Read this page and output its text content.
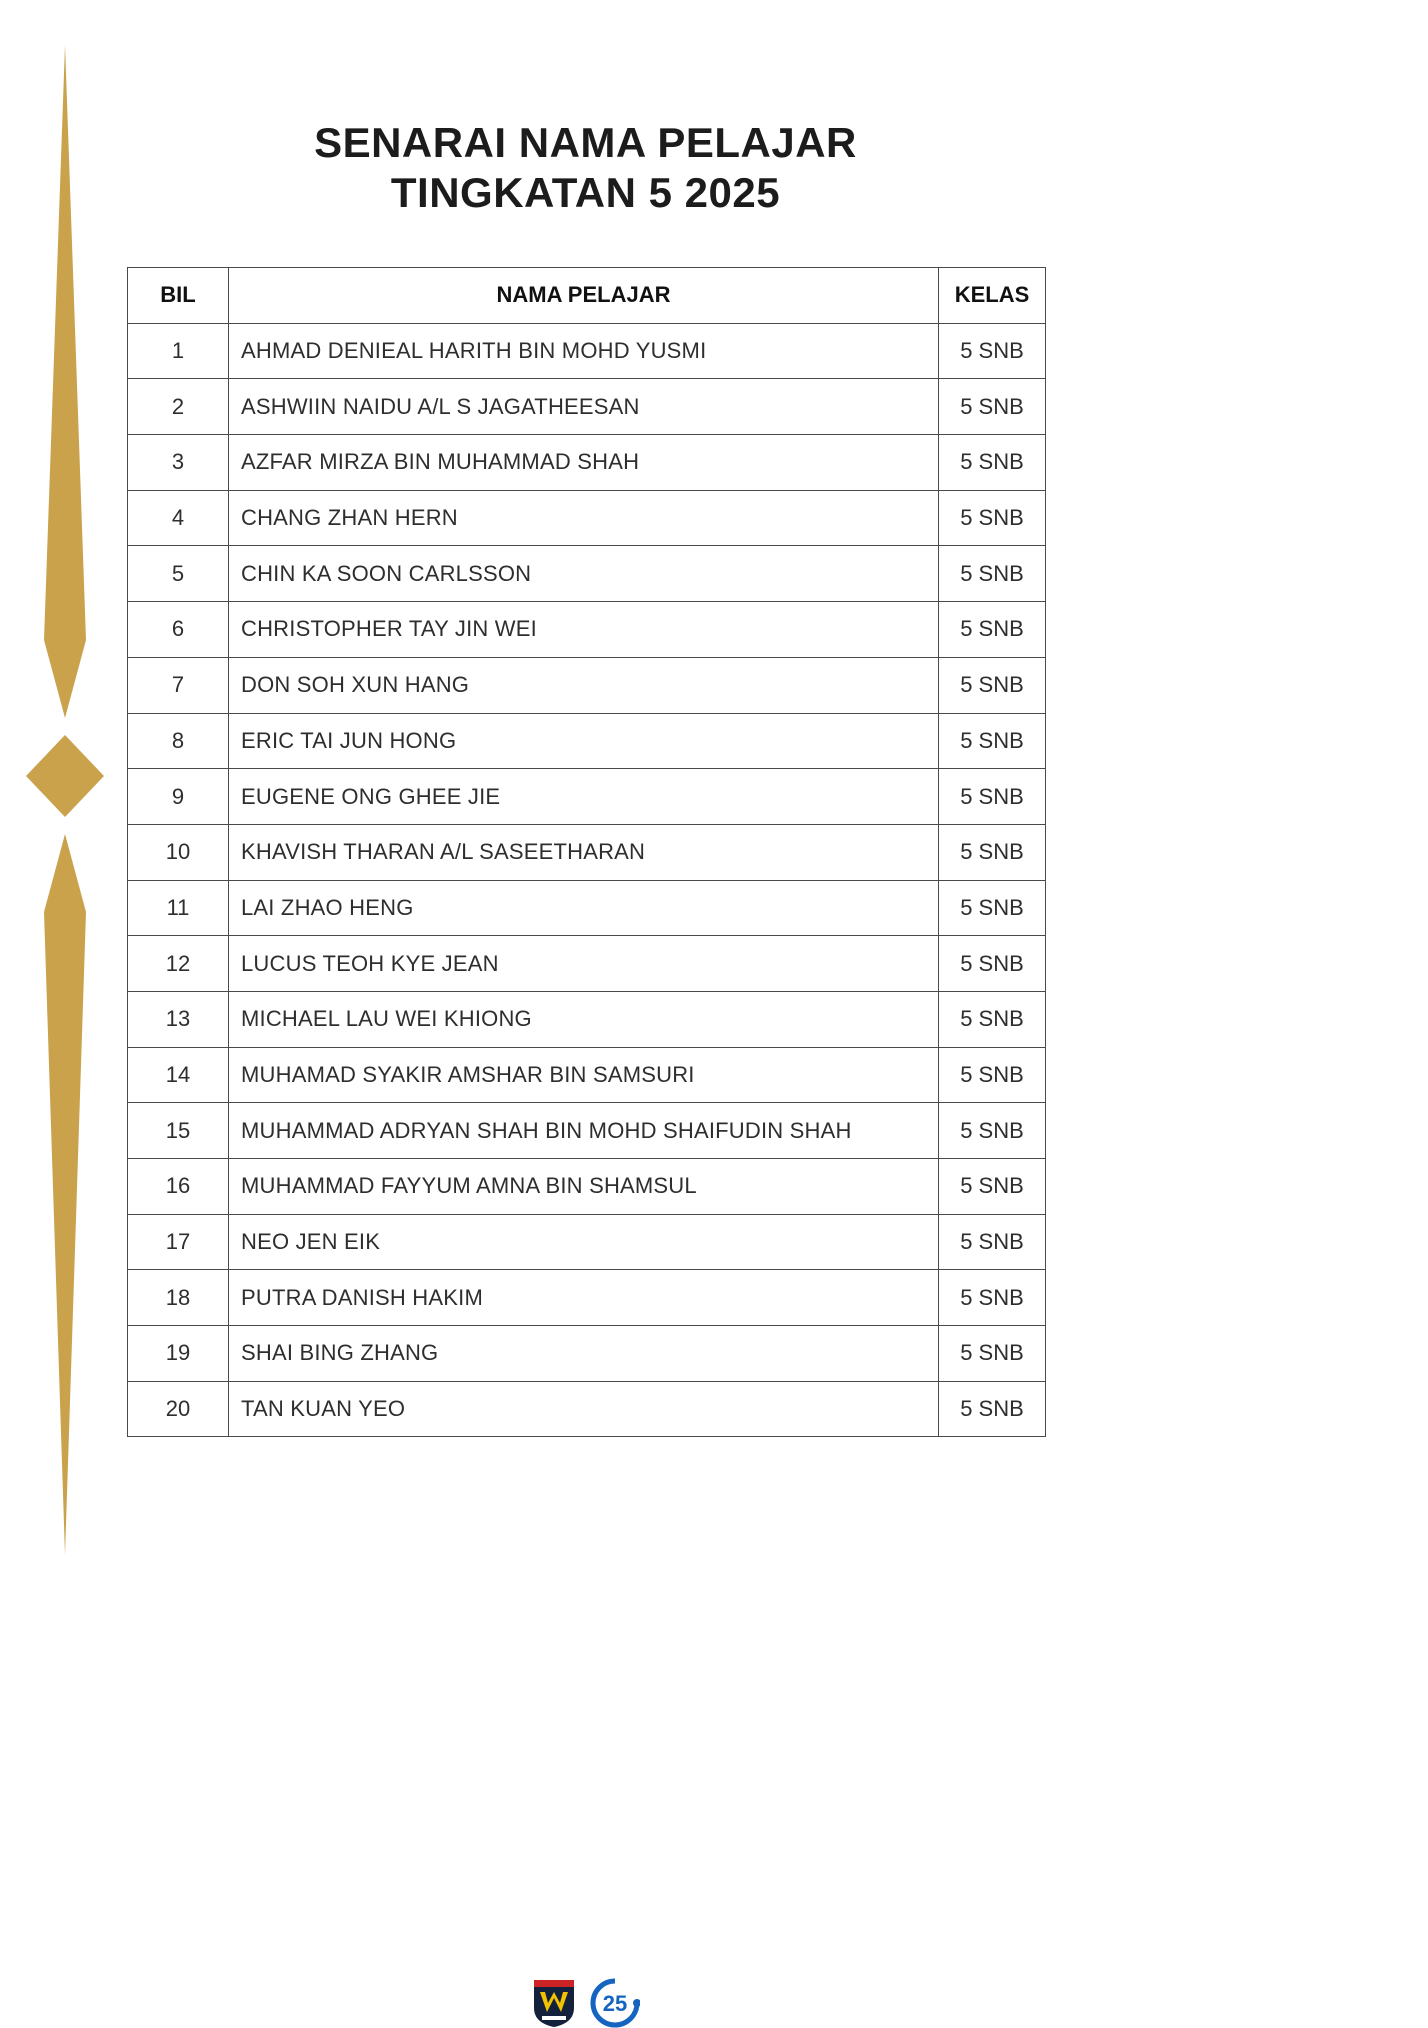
SENARAI NAMA PELAJAR
TINGKATAN 5 2025
BIL	NAMA PELAJAR	KELAS
1	AHMAD DENIEAL HARITH BIN MOHD YUSMI	5 SNB
2	ASHWIIN NAIDU A/L S JAGATHEESAN	5 SNB
3	AZFAR MIRZA BIN MUHAMMAD SHAH	5 SNB
4	CHANG ZHAN HERN	5 SNB
5	CHIN KA SOON CARLSSON	5 SNB
6	CHRISTOPHER TAY JIN WEI	5 SNB
7	DON SOH XUN HANG	5 SNB
8	ERIC TAI JUN HONG	5 SNB
9	EUGENE ONG GHEE JIE	5 SNB
10	KHAVISH THARAN A/L SASEETHARAN	5 SNB
11	LAI ZHAO HENG	5 SNB
12	LUCUS TEOH KYE JEAN	5 SNB
13	MICHAEL LAU WEI KHIONG	5 SNB
14	MUHAMAD SYAKIR AMSHAR BIN SAMSURI	5 SNB
15	MUHAMMAD ADRYAN SHAH BIN MOHD SHAIFUDIN SHAH	5 SNB
16	MUHAMMAD FAYYUM AMNA BIN SHAMSUL	5 SNB
17	NEO JEN EIK	5 SNB
18	PUTRA DANISH HAKIM	5 SNB
19	SHAI BING ZHANG	5 SNB
20	TAN KUAN YEO	5 SNB
25
